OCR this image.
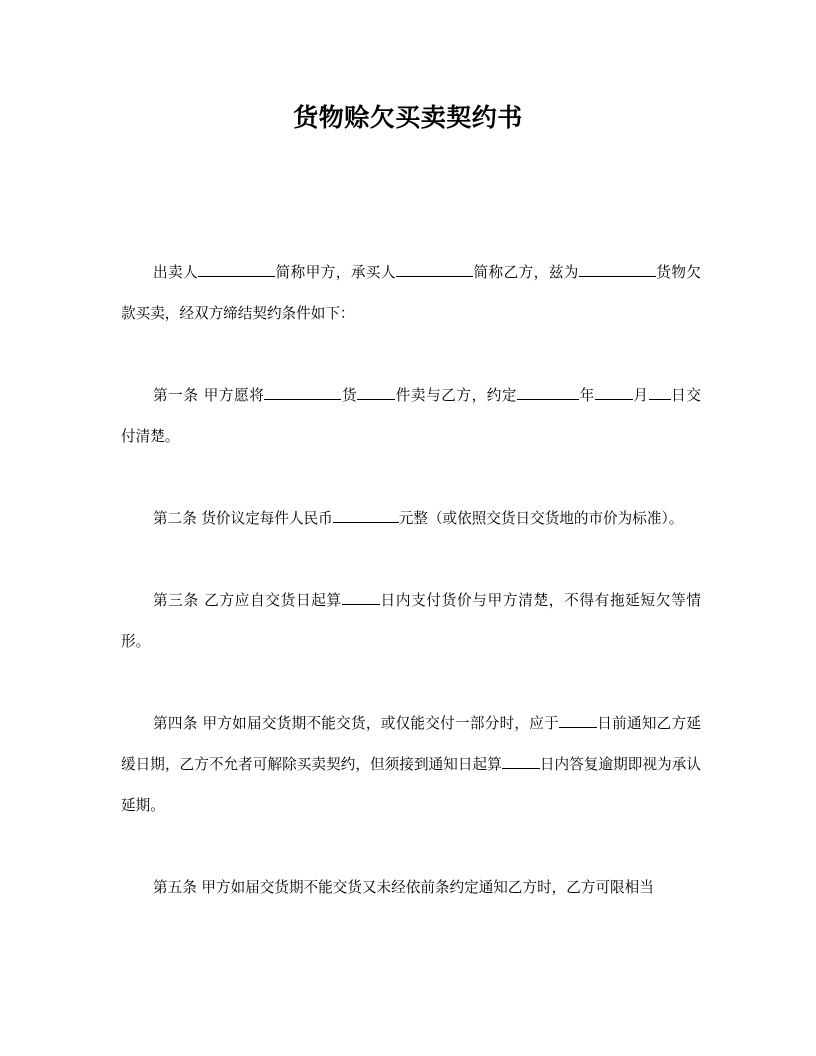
货物赊欠买卖契约书

出卖人	简称甲方，承买人	简称乙方，兹为	货物欠款买卖，经双方缔结契约条件如下：

第一条 甲方愿将	货	件卖与乙方，约定	年	月 日交付清楚。

第二条 货价议定每件人民币	元整（或依照交货日交货地的市价为标准）。

第三条 乙方应自交货日起算	日内支付货价与甲方清楚，不得有拖延短欠等情形。

第四条 甲方如届交货期不能交货，或仅能交付一部分时，应于	日前通知乙方延缓日期，乙方不允者可解除买卖契约，但须接到通知日起算	日内答复逾期即视为承认延期。

第五条 甲方如届交货期不能交货又未经依前条约定通知乙方时，乙方可限相当
